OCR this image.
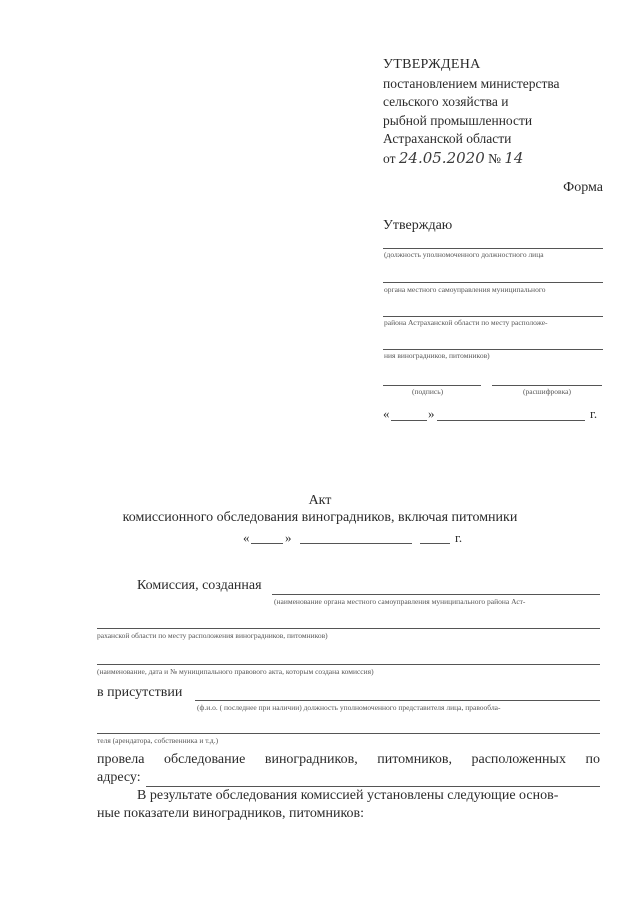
УТВЕРЖДЕНА
постановлением министерства
сельского хозяйства и
рыбной промышленности
Астраханской области
от 24.05.2020 № 14
Форма
Утверждаю
(должность уполномоченного должностного лица
органа местного самоуправления муниципального
района Астраханской области по месту расположе-
ния виноградников, питомников)
(подпись)	(расшифровка)
«	»	г.
Акт
комиссионного обследования виноградников, включая питомники
«	»	г.
Комиссия, созданная
(наименование органа местного самоуправления муниципального района Аст-
раханской области по месту расположения виноградников, питомников)
(наименование, дата и № муниципального правового акта, которым создана комиссия)
в присутствии
(ф.и.о. ( последнее при наличии) должность уполномоченного представителя лица, правообла-
теля (арендатора, собственника и т.д.)
провела обследование виноградников, питомников, расположенных по
адресу:
В результате обследования комиссией установлены следующие основ-
ные показатели виноградников, питомников:
